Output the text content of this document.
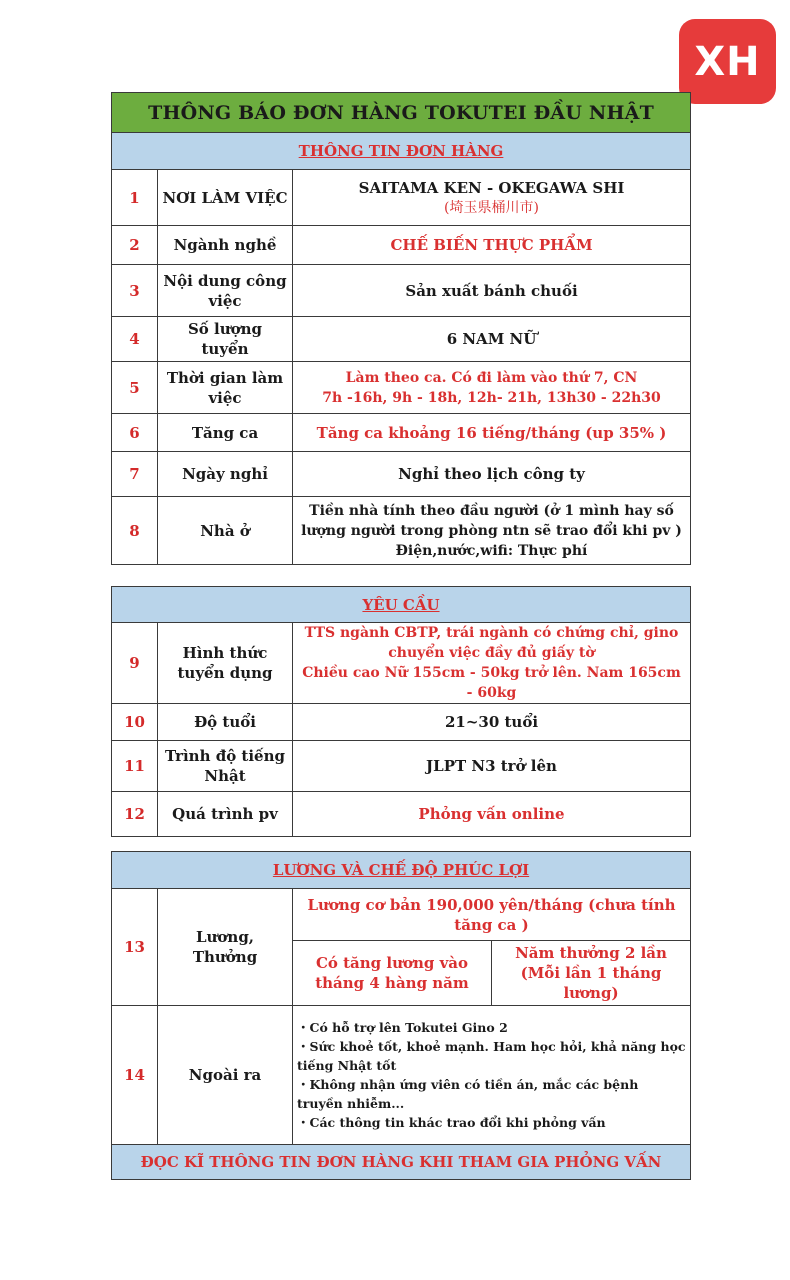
XH
THÔNG BÁO ĐƠN HÀNG TOKUTEI ĐẦU NHẬT		
THÔNG TIN ĐƠN HÀNG		
1	NƠI LÀM VIỆC	SAITAMA KEN - OKEGAWA SHI
(埼玉県桶川市)

2	Ngành nghề	CHẾ BIẾN THỰC PHẨM
3	Nội dung công việc	Sản xuất bánh chuối
4	Số lượng tuyển	6 NAM NỮ
5	Thời gian làm việc	Làm theo ca. Có đi làm vào thứ 7, CN
7h -16h, 9h - 18h, 12h- 21h, 13h30 - 22h30

6	Tăng ca	Tăng ca khoảng 16 tiếng/tháng (up 35% )
7	Ngày nghỉ	Nghỉ theo lịch công ty
8	Nhà ở	Tiền nhà tính theo đầu người (ở 1 mình hay số lượng người trong phòng ntn sẽ trao đổi khi pv )
Điện,nước,wifi: Thực phí
YÊU CẦU		
9	Hình thức tuyển dụng	TTS ngành CBTP, trái ngành có chứng chỉ, gino chuyển việc đầy đủ giấy tờ
Chiều cao Nữ 155cm - 50kg trở lên. Nam 165cm - 60kg

10	Độ tuổi	21~30 tuổi
11	Trình độ tiếng Nhật	JLPT N3 trở lên
12	Quá trình pv	Phỏng vấn online
LƯƠNG VÀ CHẾ ĐỘ PHÚC LỢI			
13	Lương, Thưởng	Lương cơ bản 190,000 yên/tháng (chưa tính tăng ca )	
		Có tăng lương vào tháng 4 hàng năm	Năm thưởng 2 lần (Mỗi lần 1 tháng lương)
14	Ngoài ra	・Có hỗ trợ lên Tokutei Gino 2
・Sức khoẻ tốt, khoẻ mạnh. Ham học hỏi, khả năng học tiếng Nhật tốt
・Không nhận ứng viên có tiền án, mắc các bệnh truyền nhiễm...
・Các thông tin khác trao đổi khi phỏng vấn	

ĐỌC KĨ THÔNG TIN ĐƠN HÀNG KHI THAM GIA PHỎNG VẤN			
